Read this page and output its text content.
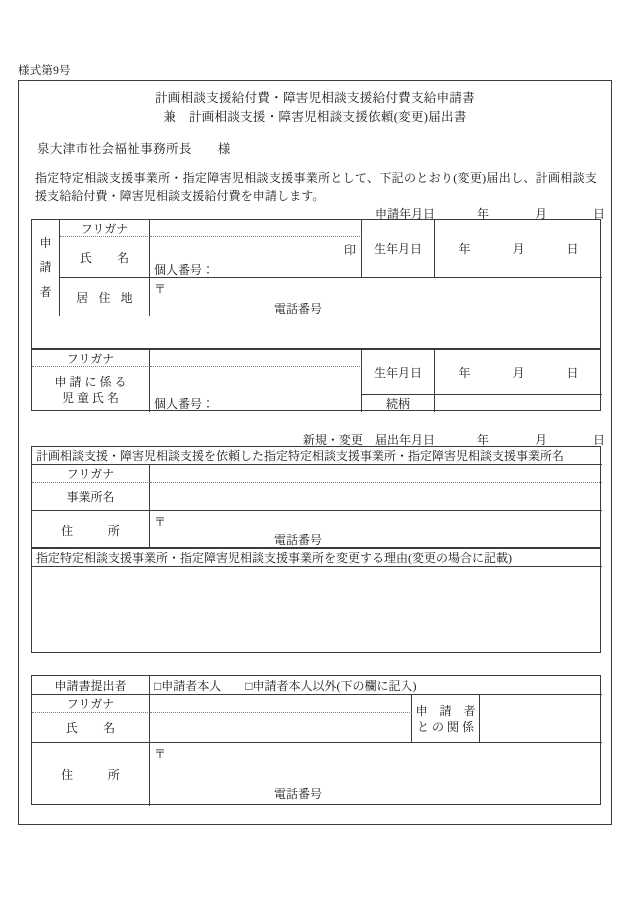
様式第9号
計画相談支援給付費・障害児相談支援給付費支給申請書
兼　計画相談支援・障害児相談支援依頼(変更)届出書
泉大津市社会福祉事務所長 様
指定特定相談支援事業所・指定障害児相談支援事業所として、下記のとおり(変更)届出し、計画相談支援支給給付費・障害児相談支援給付費を申請します。
申請年月日	年	月	日
申
請
者
フリガナ
氏　名
印
個人番号：
生年月日	年	月	日
居 住 地
〒
電話番号
フリガナ
申 請 に 係 る
児 童 氏 名	個人番号：
生年月日	年	月	日
続柄
新規・変更 届出年月日	年	月	日
計画相談支援・障害児相談支援を依頼した指定特定相談支援事業所・指定障害児相談支援事業所名
フリガナ
事業所名
住　　所
〒
電話番号
指定特定相談支援事業所・指定障害児相談支援事業所を変更する理由(変更の場合に記載)
申請書提出者 □申請者本人 □申請者本人以外(下の欄に記入)
フリガナ
氏　名
申　請　者
と の 関 係
住　　所
〒
電話番号
